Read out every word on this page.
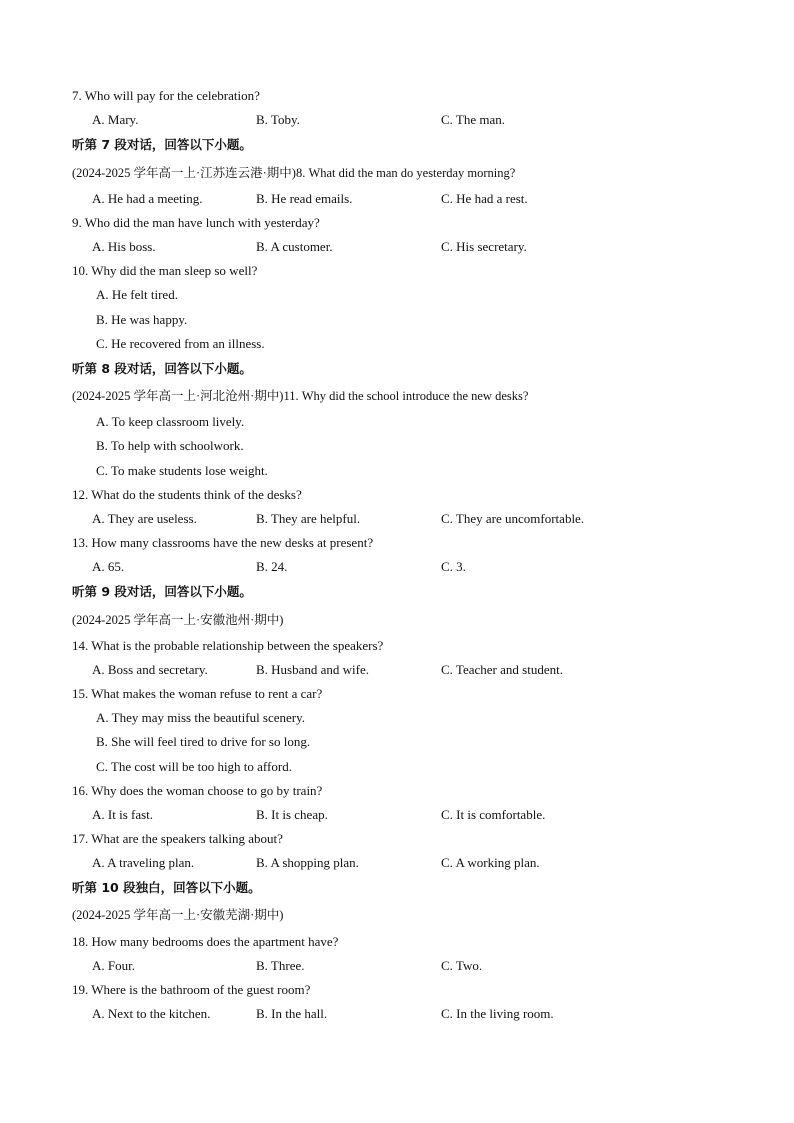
7. Who will pay for the celebration?
A. Mary.	B. Toby.	C. The man.
听第 7 段对话，回答以下小题。
(2024-2025 学年高一上·江苏连云港·期中)8. What did the man do yesterday morning?
A. He had a meeting.	B. He read emails.	C. He had a rest.
9. Who did the man have lunch with yesterday?
A. His boss.	B. A customer.	C. His secretary.
10. Why did the man sleep so well?
A. He felt tired.
B. He was happy.
C. He recovered from an illness.
听第 8 段对话，回答以下小题。
(2024-2025 学年高一上·河北沧州·期中)11. Why did the school introduce the new desks?
A. To keep classroom lively.
B. To help with schoolwork.
C. To make students lose weight.
12. What do the students think of the desks?
A. They are useless.	B. They are helpful.	C. They are uncomfortable.
13. How many classrooms have the new desks at present?
A. 65.	B. 24.	C. 3.
听第 9 段对话，回答以下小题。
(2024-2025 学年高一上·安徽池州·期中)
14. What is the probable relationship between the speakers?
A. Boss and secretary.	B. Husband and wife.	C. Teacher and student.
15. What makes the woman refuse to rent a car?
A. They may miss the beautiful scenery.
B. She will feel tired to drive for so long.
C. The cost will be too high to afford.
16. Why does the woman choose to go by train?
A. It is fast.	B. It is cheap.	C. It is comfortable.
17. What are the speakers talking about?
A. A traveling plan.	B. A shopping plan.	C. A working plan.
听第 10 段独白，回答以下小题。
(2024-2025 学年高一上·安徽芜湖·期中)
18. How many bedrooms does the apartment have?
A. Four.	B. Three.	C. Two.
19. Where is the bathroom of the guest room?
A. Next to the kitchen.	B. In the hall.	C. In the living room.
